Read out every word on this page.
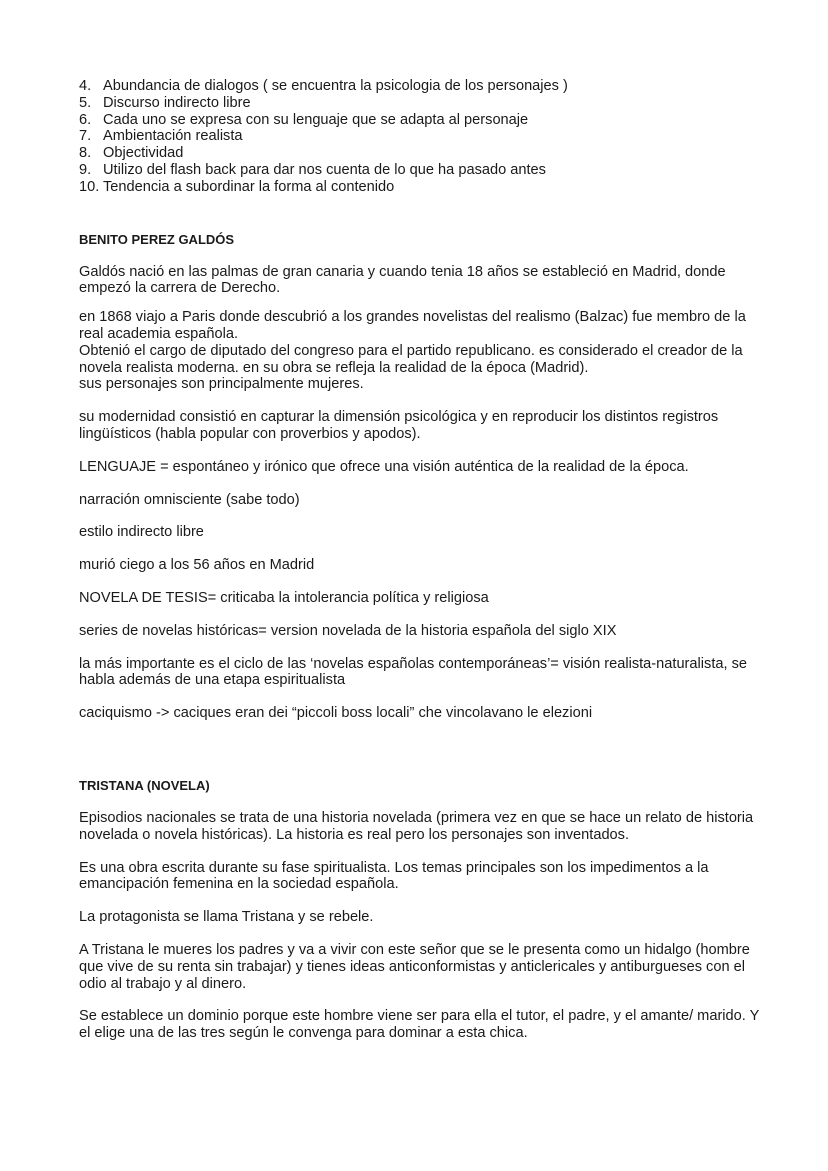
4. Abundancia de dialogos ( se encuentra la psicologia de los personajes )
5. Discurso indirecto libre
6. Cada uno se expresa con su lenguaje que se adapta al personaje
7. Ambientación realista
8. Objectividad
9. Utilizo del flash back para dar nos cuenta de lo que ha pasado antes
10. Tendencia a subordinar la forma al contenido
BENITO PEREZ GALDÓS

Galdós nació en las palmas de gran canaria y cuando tenia 18 años se estableció en Madrid, donde empezó la carrera de Derecho.

en 1868 viajo a Paris donde descubrió a los grandes novelistas del realismo (Balzac) fue membro de la real academia española.

Obtenió el cargo de diputado del congreso para el partido republicano. es considerado el creador de la novela realista moderna. en su obra se refleja la realidad de la época (Madrid).

sus personajes son principalmente mujeres.

su modernidad consistió en capturar la dimensión psicológica y en reproducir los distintos registros lingüísticos (habla popular con proverbios y apodos).

LENGUAJE = espontáneo y irónico que ofrece una visión auténtica de la realidad de la época.

narración omnisciente (sabe todo)

estilo indirecto libre

murió ciego a los 56 años en Madrid

NOVELA DE TESIS= criticaba la intolerancia política y religiosa

series de novelas históricas= version novelada de la historia española del siglo XIX

la más importante es el ciclo de las ‘novelas españolas contemporáneas’= visión realista-naturalista, se habla además de una etapa espiritualista

caciquismo -> caciques eran dei “piccoli boss locali” che vincolavano le elezioni

TRISTANA (NOVELA)

Episodios nacionales se trata de una historia novelada (primera vez en que se hace un relato de historia novelada o novela históricas). La historia es real pero los personajes son inventados.

Es una obra escrita durante su fase spiritualista. Los temas principales son los impedimentos a la emancipación femenina en la sociedad española.

La protagonista se llama Tristana y se rebele.

A Tristana le mueres los padres y va a vivir con este señor que se le presenta como un hidalgo (hombre que vive de su renta sin trabajar) y tienes ideas anticonformistas y anticlericales y antiburgueses con el odio al trabajo y al dinero.

Se establece un dominio porque este hombre viene ser para ella el tutor, el padre, y el amante/ marido. Y el elige una de las tres según le convenga para dominar a esta chica.
